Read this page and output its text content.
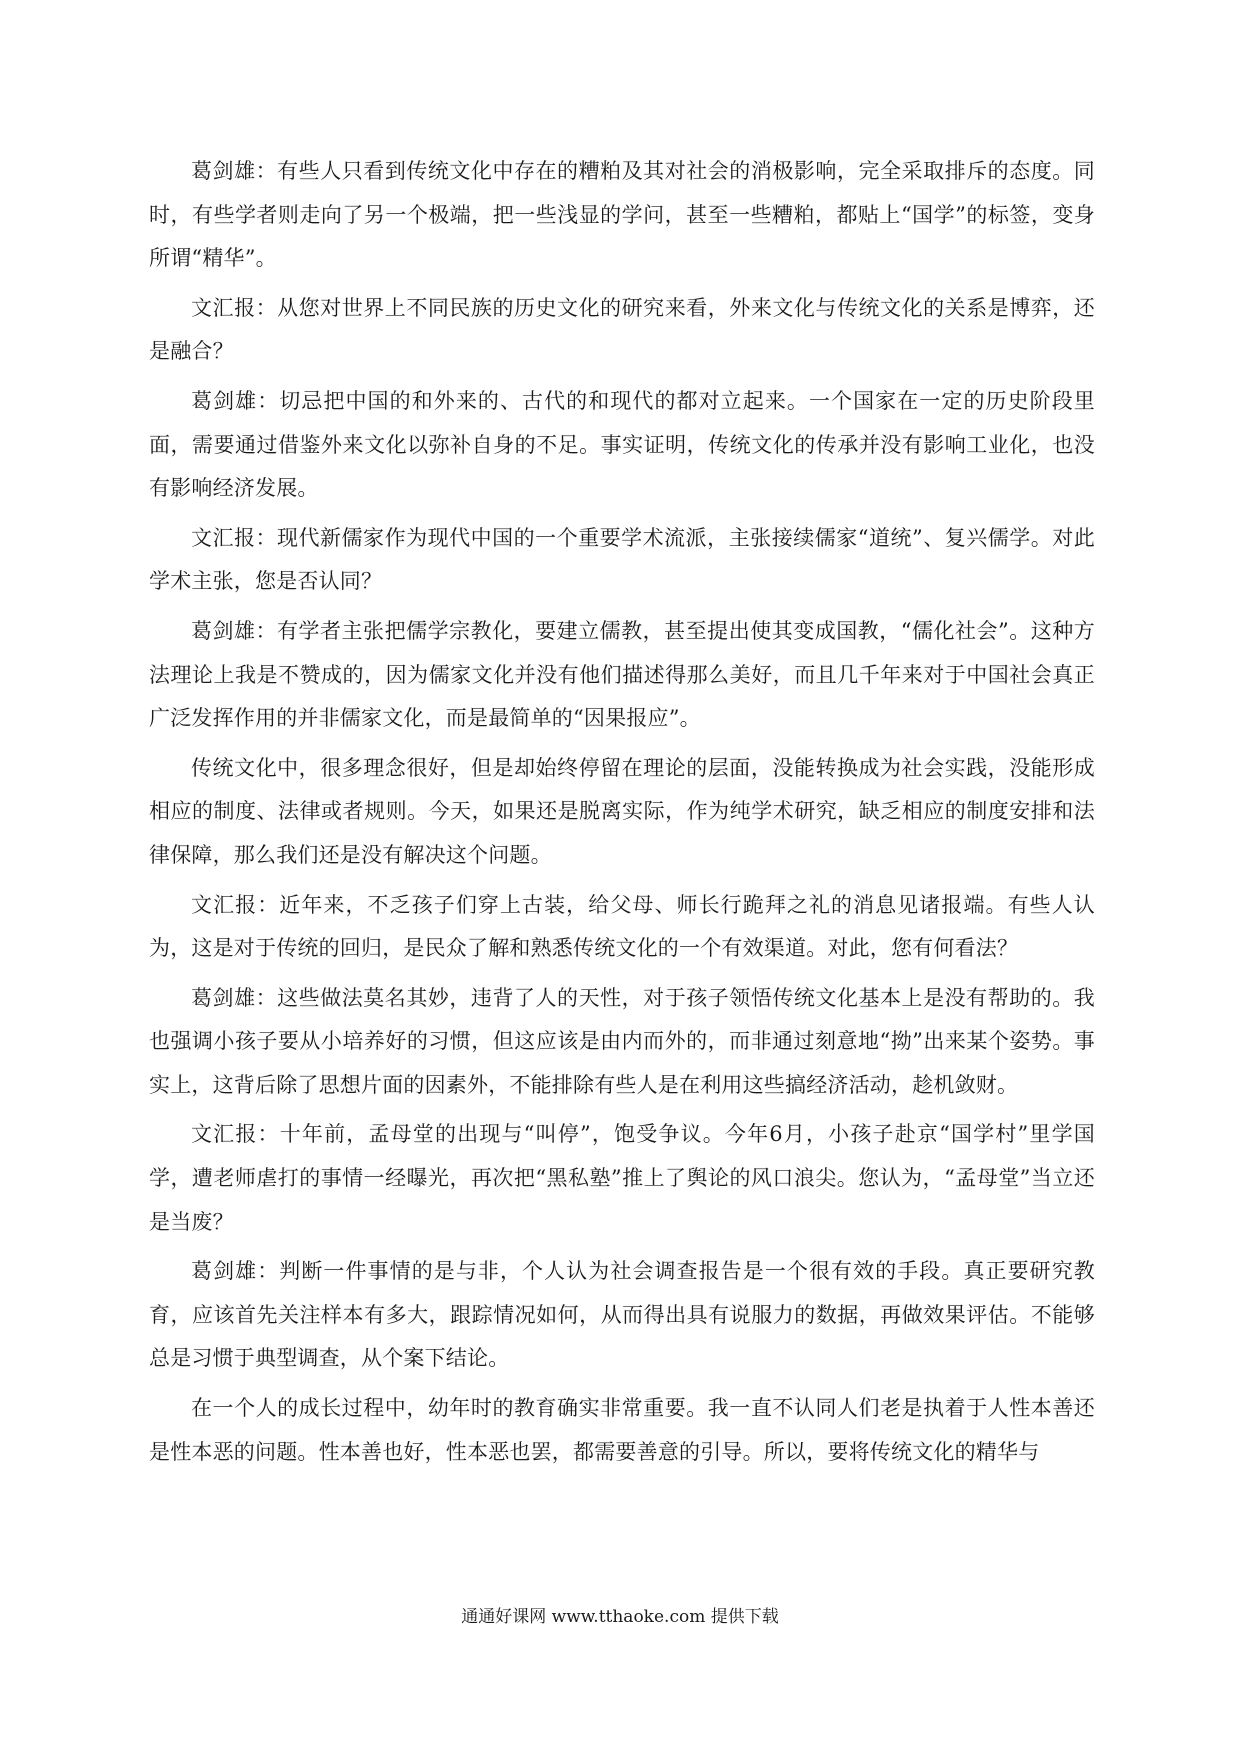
葛剑雄：有些人只看到传统文化中存在的糟粕及其对社会的消极影响，完全采取排斥的态度。同时，有些学者则走向了另一个极端，把一些浅显的学问，甚至一些糟粕，都贴上“国学”的标签，变身所谓“精华”。

文汇报：从您对世界上不同民族的历史文化的研究来看，外来文化与传统文化的关系是博弈，还是融合？

葛剑雄：切忌把中国的和外来的、古代的和现代的都对立起来。一个国家在一定的历史阶段里面，需要通过借鉴外来文化以弥补自身的不足。事实证明，传统文化的传承并没有影响工业化，也没有影响经济发展。

文汇报：现代新儒家作为现代中国的一个重要学术流派，主张接续儒家“道统”、复兴儒学。对此学术主张，您是否认同？

葛剑雄：有学者主张把儒学宗教化，要建立儒教，甚至提出使其变成国教，“儒化社会”。这种方法理论上我是不赞成的，因为儒家文化并没有他们描述得那么美好，而且几千年来对于中国社会真正广泛发挥作用的并非儒家文化，而是最简单的“因果报应”。

传统文化中，很多理念很好，但是却始终停留在理论的层面，没能转换成为社会实践，没能形成相应的制度、法律或者规则。今天，如果还是脱离实际，作为纯学术研究，缺乏相应的制度安排和法律保障，那么我们还是没有解决这个问题。

文汇报：近年来，不乏孩子们穿上古装，给父母、师长行跪拜之礼的消息见诸报端。有些人认为，这是对于传统的回归，是民众了解和熟悉传统文化的一个有效渠道。对此，您有何看法？

葛剑雄：这些做法莫名其妙，违背了人的天性，对于孩子领悟传统文化基本上是没有帮助的。我也强调小孩子要从小培养好的习惯，但这应该是由内而外的，而非通过刻意地“拗”出来某个姿势。事实上，这背后除了思想片面的因素外，不能排除有些人是在利用这些搞经济活动，趁机敛财。

文汇报：十年前，孟母堂的出现与“叫停”，饱受争议。今年6月，小孩子赴京“国学村”里学国学，遭老师虐打的事情一经曝光，再次把“黑私塾”推上了舆论的风口浪尖。您认为，“孟母堂”当立还是当废？

葛剑雄：判断一件事情的是与非，个人认为社会调查报告是一个很有效的手段。真正要研究教育，应该首先关注样本有多大，跟踪情况如何，从而得出具有说服力的数据，再做效果评估。不能够总是习惯于典型调查，从个案下结论。

在一个人的成长过程中，幼年时的教育确实非常重要。我一直不认同人们老是执着于人性本善还是性本恶的问题。性本善也好，性本恶也罢，都需要善意的引导。所以，要将传统文化的精华与

通通好课网 www.tthaoke.com 提供下载
